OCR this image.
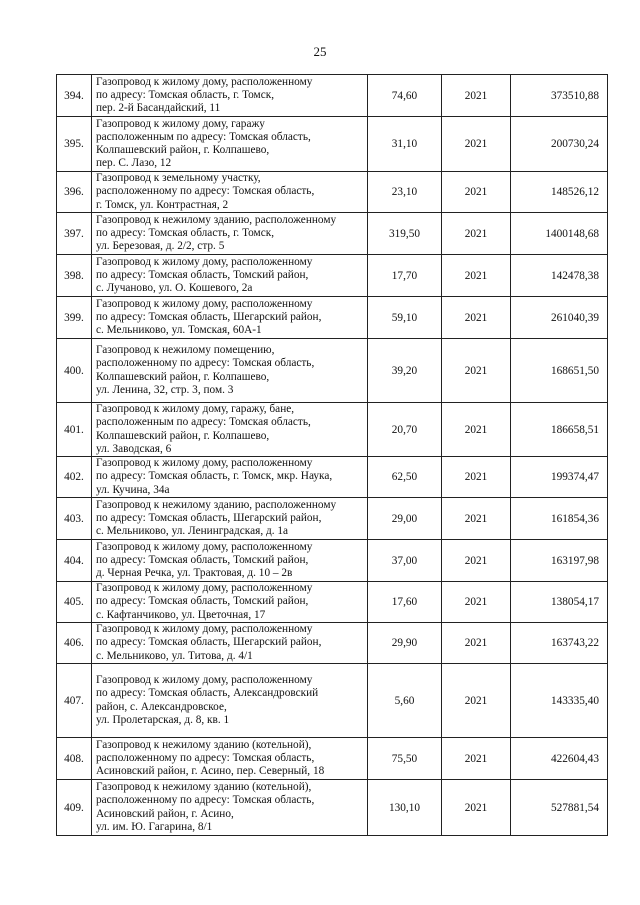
25
394.	Газопровод к жилому дому, расположенному
по адресу: Томская область, г. Томск,
пер. 2-й Басандайский, 11	74,60	2021	373510,88
395.	Газопровод к жилому дому, гаражу
расположенным по адресу: Томская область,
Колпашевский район, г. Колпашево,
пер. С. Лазо, 12	31,10	2021	200730,24
396.	Газопровод к земельному участку,
расположенному по адресу: Томская область,
г. Томск, ул. Контрастная, 2	23,10	2021	148526,12
397.	Газопровод к нежилому зданию, расположенному
по адресу: Томская область, г. Томск,
ул. Березовая, д. 2/2, стр. 5	319,50	2021	1400148,68
398.	Газопровод к жилому дому, расположенному
по адресу: Томская область, Томский район,
с. Лучаново, ул. О. Кошевого, 2а	17,70	2021	142478,38
399.	Газопровод к жилому дому, расположенному
по адресу: Томская область, Шегарский район,
с. Мельниково, ул. Томская, 60А-1	59,10	2021	261040,39
400.	Газопровод к нежилому помещению,
расположенному по адресу: Томская область,
Колпашевский район, г. Колпашево,
ул. Ленина, 32, стр. 3, пом. 3	39,20	2021	168651,50
401.	Газопровод к жилому дому, гаражу, бане,
расположенным по адресу: Томская область,
Колпашевский район, г. Колпашево,
ул. Заводская, 6	20,70	2021	186658,51
402.	Газопровод к жилому дому, расположенному
по адресу: Томская область, г. Томск, мкр. Наука,
ул. Кучина, 34а	62,50	2021	199374,47
403.	Газопровод к нежилому зданию, расположенному
по адресу: Томская область, Шегарский район,
с. Мельниково, ул. Ленинградская, д. 1а	29,00	2021	161854,36
404.	Газопровод к жилому дому, расположенному
по адресу: Томская область, Томский район,
д. Черная Речка, ул. Трактовая, д. 10 – 2в	37,00	2021	163197,98
405.	Газопровод к жилому дому, расположенному
по адресу: Томская область, Томский район,
с. Кафтанчиково, ул. Цветочная, 17	17,60	2021	138054,17
406.	Газопровод к жилому дому, расположенному
по адресу: Томская область, Шегарский район,
с. Мельниково, ул. Титова, д. 4/1	29,90	2021	163743,22
407.	Газопровод к жилому дому, расположенному
по адресу: Томская область, Александровский
район, с. Александровское,
ул. Пролетарская, д. 8, кв. 1	5,60	2021	143335,40
408.	Газопровод к нежилому зданию (котельной),
расположенному по адресу: Томская область,
Асиновский район, г. Асино, пер. Северный, 18	75,50	2021	422604,43
409.	Газопровод к нежилому зданию (котельной),
расположенному по адресу: Томская область,
Асиновский район, г. Асино,
ул. им. Ю. Гагарина, 8/1	130,10	2021	527881,54
